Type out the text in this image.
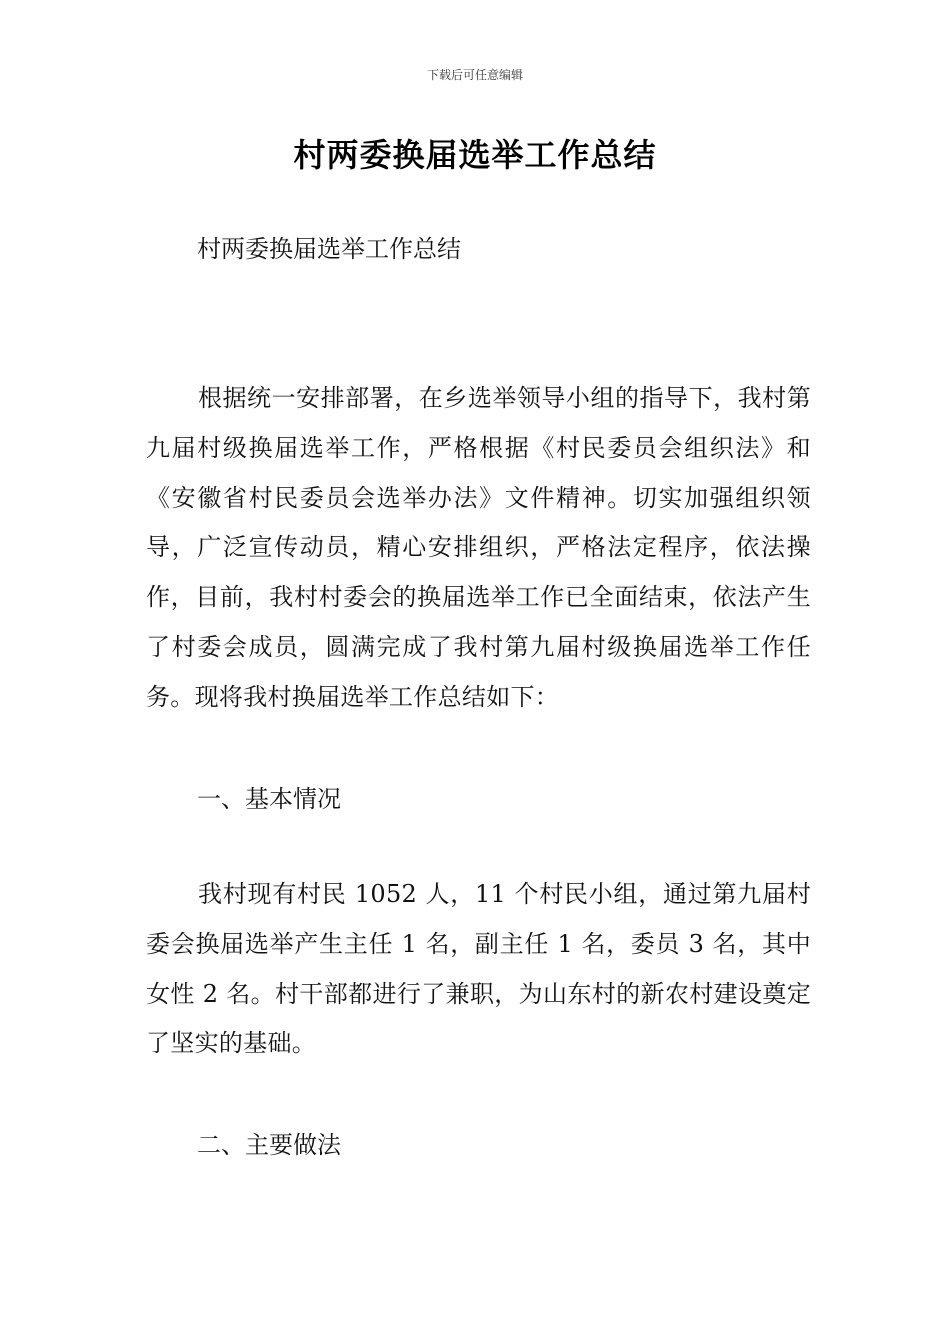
下载后可任意编辑
村两委换届选举工作总结
村两委换届选举工作总结

根据统一安排部署，在乡选举领导小组的指导下，我村第九届村级换届选举工作，严格根据《村民委员会组织法》和《安徽省村民委员会选举办法》文件精神。切实加强组织领导，广泛宣传动员，精心安排组织，严格法定程序，依法操作，目前，我村村委会的换届选举工作已全面结束，依法产生了村委会成员，圆满完成了我村第九届村级换届选举工作任务。现将我村换届选举工作总结如下：

一、基本情况

我村现有村民 1052 人，11 个村民小组，通过第九届村委会换届选举产生主任 1 名，副主任 1 名，委员 3 名，其中女性 2 名。村干部都进行了兼职，为山东村的新农村建设奠定了坚实的基础。

二、主要做法
